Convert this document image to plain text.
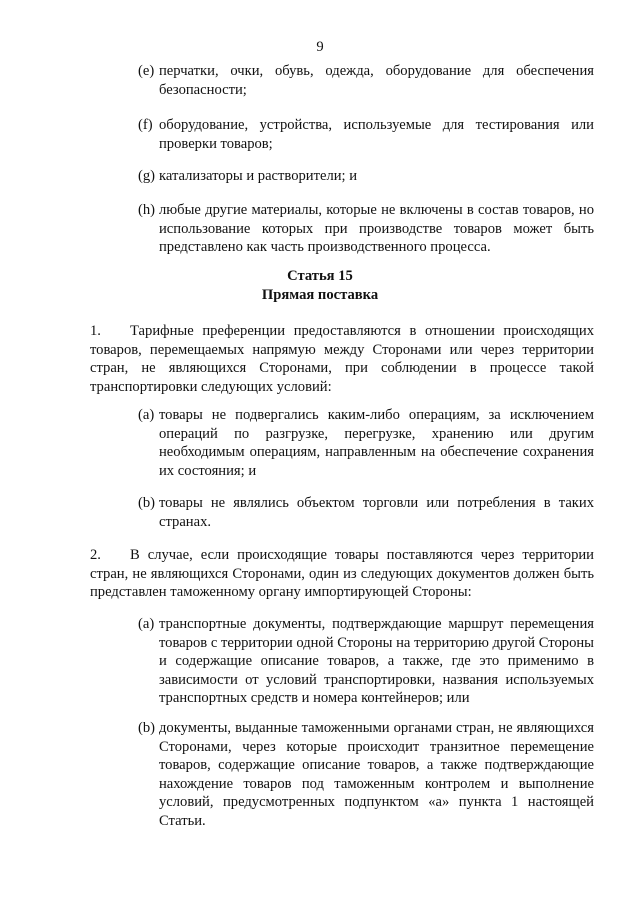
9
(e) перчатки, очки, обувь, одежда, оборудование для обеспечения безопасности;
(f) оборудование, устройства, используемые для тестирования или проверки товаров;
(g) катализаторы и растворители; и
(h) любые другие материалы, которые не включены в состав товаров, но использование которых при производстве товаров может быть представлено как часть производственного процесса.
Статья 15
Прямая поставка
1. Тарифные преференции предоставляются в отношении происходящих товаров, перемещаемых напрямую между Сторонами или через территории стран, не являющихся Сторонами, при соблюдении в процессе такой транспортировки следующих условий:
(a) товары не подвергались каким-либо операциям, за исключением операций по разгрузке, перегрузке, хранению или другим необходимым операциям, направленным на обеспечение сохранения их состояния; и
(b) товары не являлись объектом торговли или потребления в таких странах.
2. В случае, если происходящие товары поставляются через территории стран, не являющихся Сторонами, один из следующих документов должен быть представлен таможенному органу импортирующей Стороны:
(a) транспортные документы, подтверждающие маршрут перемещения товаров с территории одной Стороны на территорию другой Стороны и содержащие описание товаров, а также, где это применимо в зависимости от условий транспортировки, названия используемых транспортных средств и номера контейнеров; или
(b) документы, выданные таможенными органами стран, не являющихся Сторонами, через которые происходит транзитное перемещение товаров, содержащие описание товаров, а также подтверждающие нахождение товаров под таможенным контролем и выполнение условий, предусмотренных подпунктом «a» пункта 1 настоящей Статьи.
